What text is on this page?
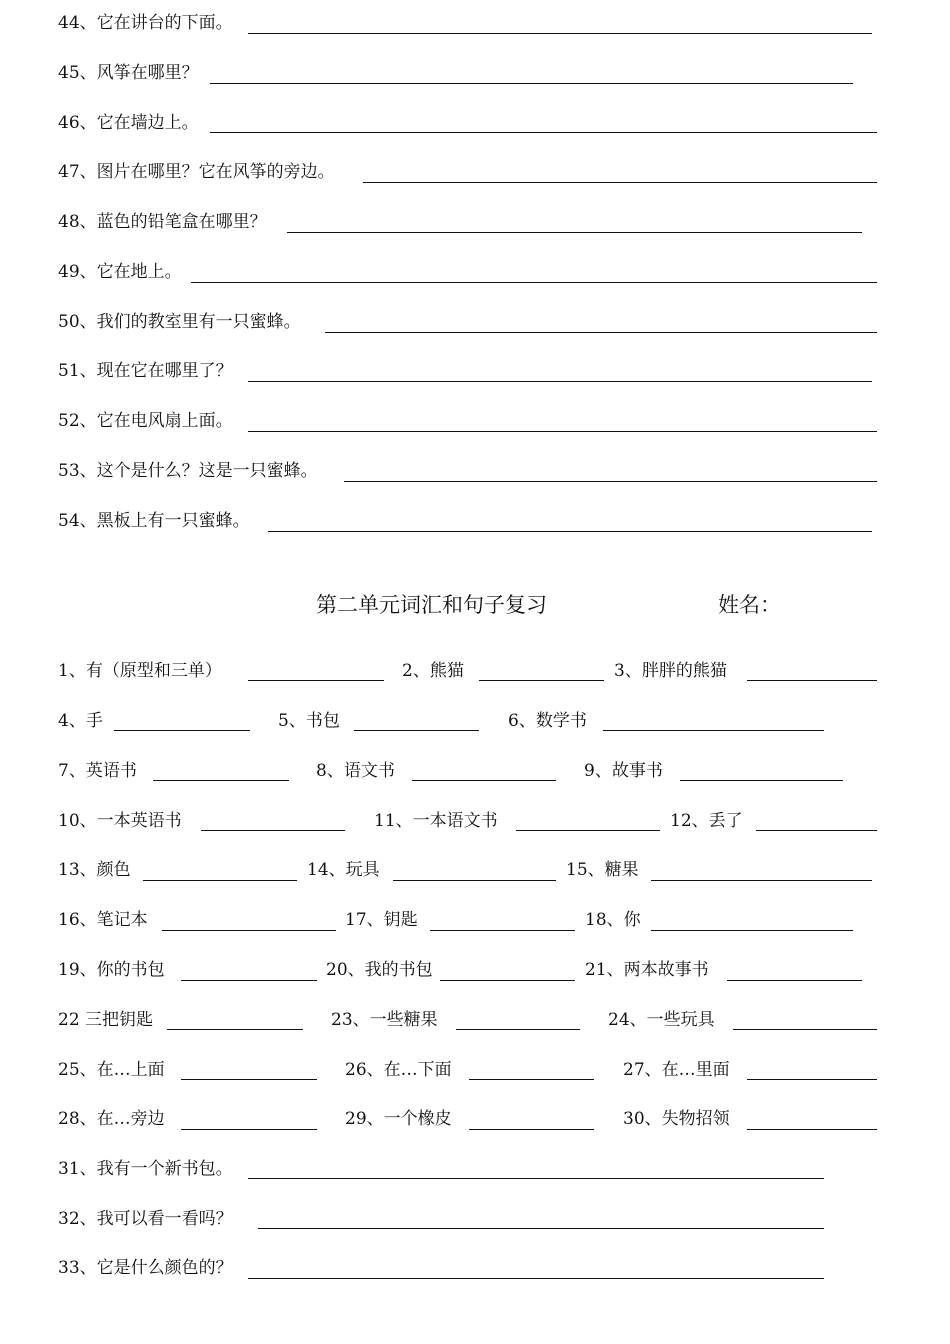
44、它在讲台的下面。
45、风筝在哪里？
46、它在墙边上。
47、图片在哪里？它在风筝的旁边。
48、蓝色的铅笔盒在哪里？
49、它在地上。
50、我们的教室里有一只蜜蜂。
51、现在它在哪里了？
52、它在电风扇上面。
53、这个是什么？这是一只蜜蜂。
54、黑板上有一只蜜蜂。
第二单元词汇和句子复习	姓名：
1、有（原型和三单）	2、熊猫	3、胖胖的熊猫
4、手	5、书包	6、数学书
7、英语书	8、语文书	9、故事书
10、一本英语书	11、一本语文书	12、丢了
13、颜色	14、玩具	15、糖果
16、笔记本	17、钥匙	18、你
19、你的书包	20、我的书包	21、两本故事书
22 三把钥匙	23、一些糖果	24、一些玩具
25、在…上面	26、在…下面	27、在…里面
28、在…旁边	29、一个橡皮	30、失物招领
31、我有一个新书包。
32、我可以看一看吗？
33、它是什么颜色的？
